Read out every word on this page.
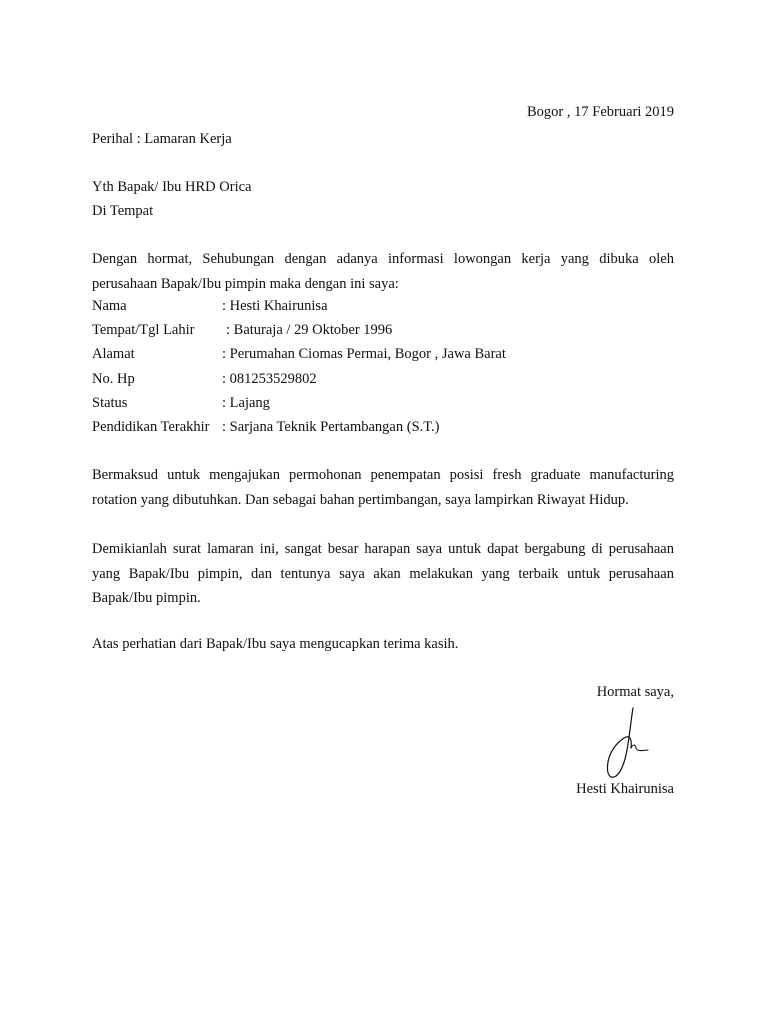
Bogor , 17 Februari 2019
Perihal : Lamaran Kerja
Yth Bapak/ Ibu HRD Orica
Di Tempat
Dengan hormat, Sehubungan dengan adanya informasi lowongan kerja yang dibuka oleh perusahaan Bapak/Ibu pimpin maka dengan ini saya:
Nama	: Hesti Khairunisa
Tempat/Tgl Lahir : Baturaja / 29 Oktober 1996
Alamat	: Perumahan Ciomas Permai, Bogor , Jawa Barat
No. Hp	: 081253529802
Status	: Lajang
Pendidikan Terakhir : Sarjana Teknik Pertambangan (S.T.)
Bermaksud untuk mengajukan permohonan penempatan posisi fresh graduate manufacturing rotation yang dibutuhkan. Dan sebagai bahan pertimbangan, saya lampirkan Riwayat Hidup.
Demikianlah surat lamaran ini, sangat besar harapan saya untuk dapat bergabung di perusahaan yang Bapak/Ibu pimpin, dan tentunya saya akan melakukan yang terbaik untuk perusahaan Bapak/Ibu pimpin.
Atas perhatian dari Bapak/Ibu saya mengucapkan terima kasih.
Hormat saya,
Hesti Khairunisa
